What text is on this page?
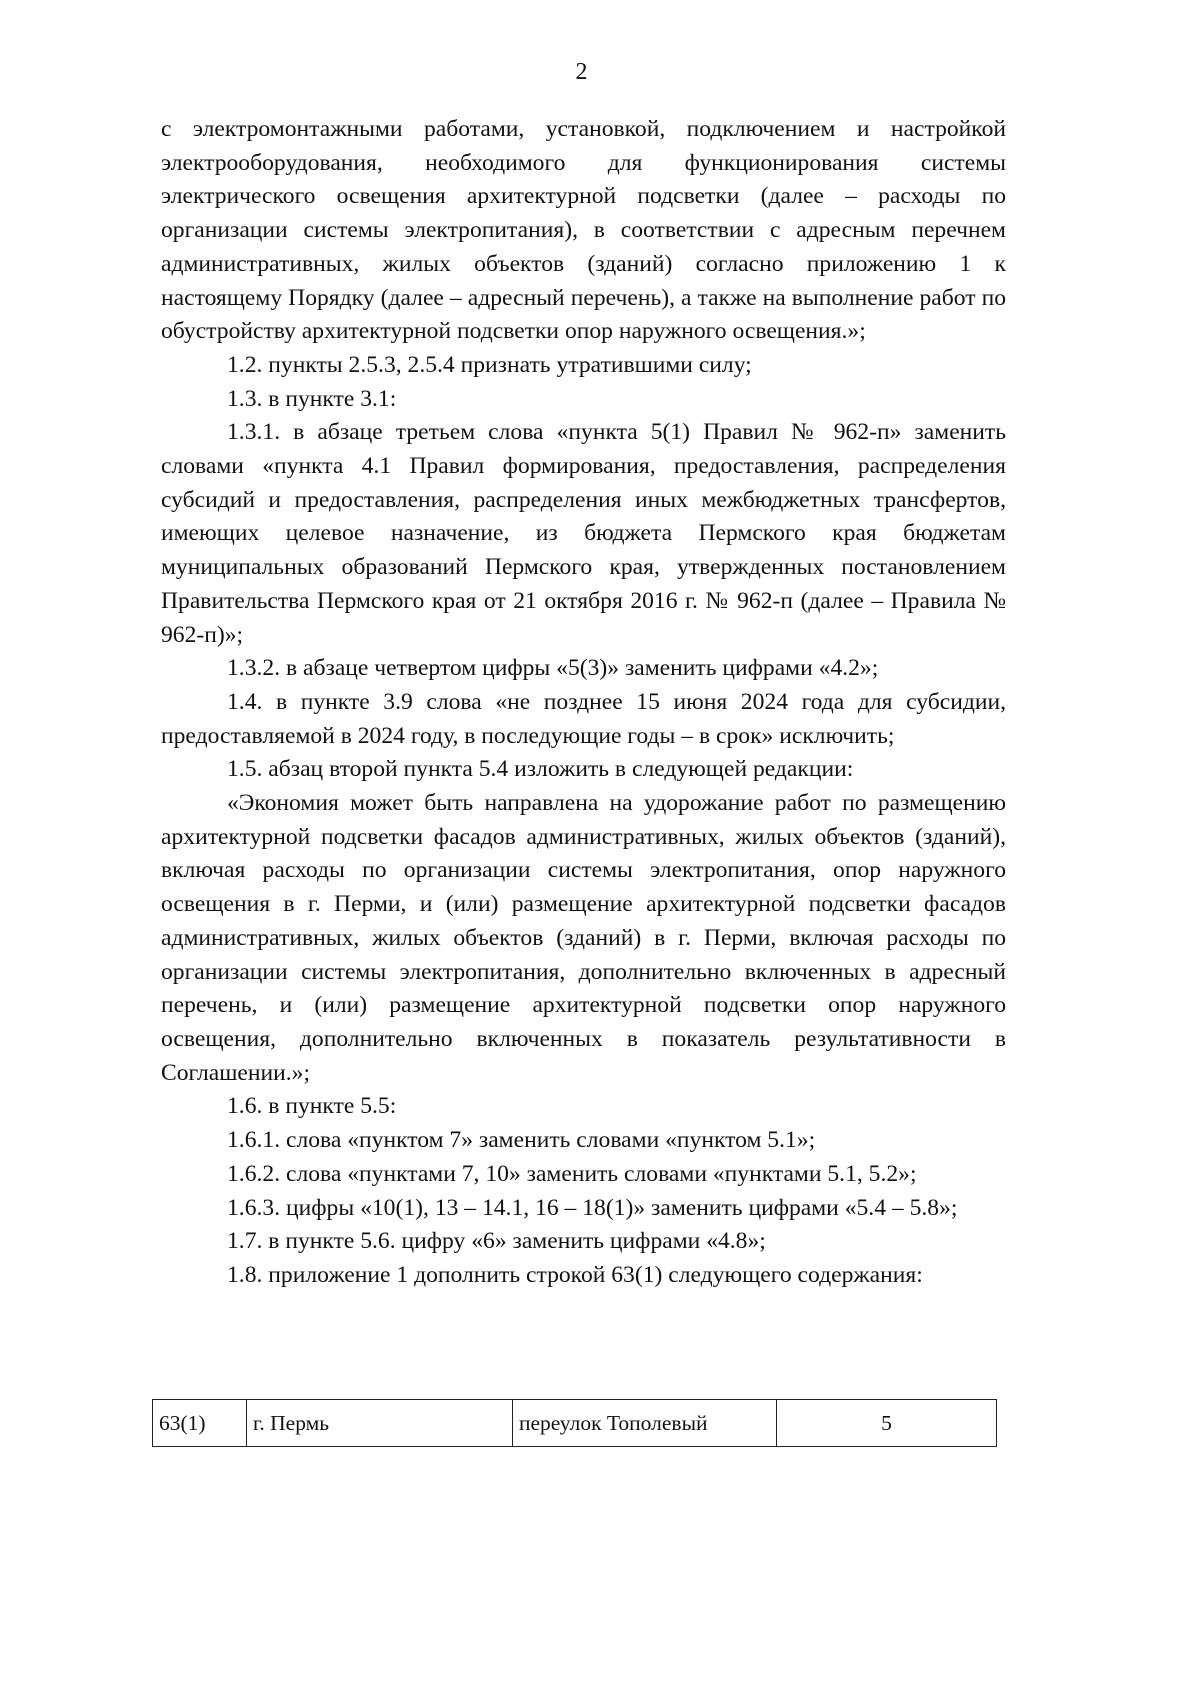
2

с электромонтажными работами, установкой, подключением и настройкой электрооборудования, необходимого для функционирования системы электрического освещения архитектурной подсветки (далее – расходы по организации системы электропитания), в соответствии с адресным перечнем административных, жилых объектов (зданий) согласно приложению 1 к настоящему Порядку (далее – адресный перечень), а также на выполнение работ по обустройству архитектурной подсветки опор наружного освещения.»;

1.2. пункты 2.5.3, 2.5.4 признать утратившими силу;

1.3. в пункте 3.1:

1.3.1. в абзаце третьем слова «пункта 5(1) Правил № 962-п» заменить словами «пункта 4.1 Правил формирования, предоставления, распределения субсидий и предоставления, распределения иных межбюджетных трансфертов, имеющих целевое назначение, из бюджета Пермского края бюджетам муниципальных образований Пермского края, утвержденных постановлением Правительства Пермского края от 21 октября 2016 г. № 962-п (далее – Правила № 962-п)»;

1.3.2. в абзаце четвертом цифры «5(3)» заменить цифрами «4.2»;

1.4. в пункте 3.9 слова «не позднее 15 июня 2024 года для субсидии, предоставляемой в 2024 году, в последующие годы – в срок» исключить;

1.5. абзац второй пункта 5.4 изложить в следующей редакции:

«Экономия может быть направлена на удорожание работ по размещению архитектурной подсветки фасадов административных, жилых объектов (зданий), включая расходы по организации системы электропитания, опор наружного освещения в г. Перми, и (или) размещение архитектурной подсветки фасадов административных, жилых объектов (зданий) в г. Перми, включая расходы по организации системы электропитания, дополнительно включенных в адресный перечень, и (или) размещение архитектурной подсветки опор наружного освещения, дополнительно включенных в показатель результативности в Соглашении.»;

1.6. в пункте 5.5:

1.6.1. слова «пунктом 7» заменить словами «пунктом 5.1»;

1.6.2. слова «пунктами 7, 10» заменить словами «пунктами 5.1, 5.2»;

1.6.3. цифры «10(1), 13 – 14.1, 16 – 18(1)» заменить цифрами «5.4 – 5.8»;

1.7. в пункте 5.6. цифру «6» заменить цифрами «4.8»;

1.8. приложение 1 дополнить строкой 63(1) следующего содержания:

63(1)	г. Пермь	переулок Тополевый	5
